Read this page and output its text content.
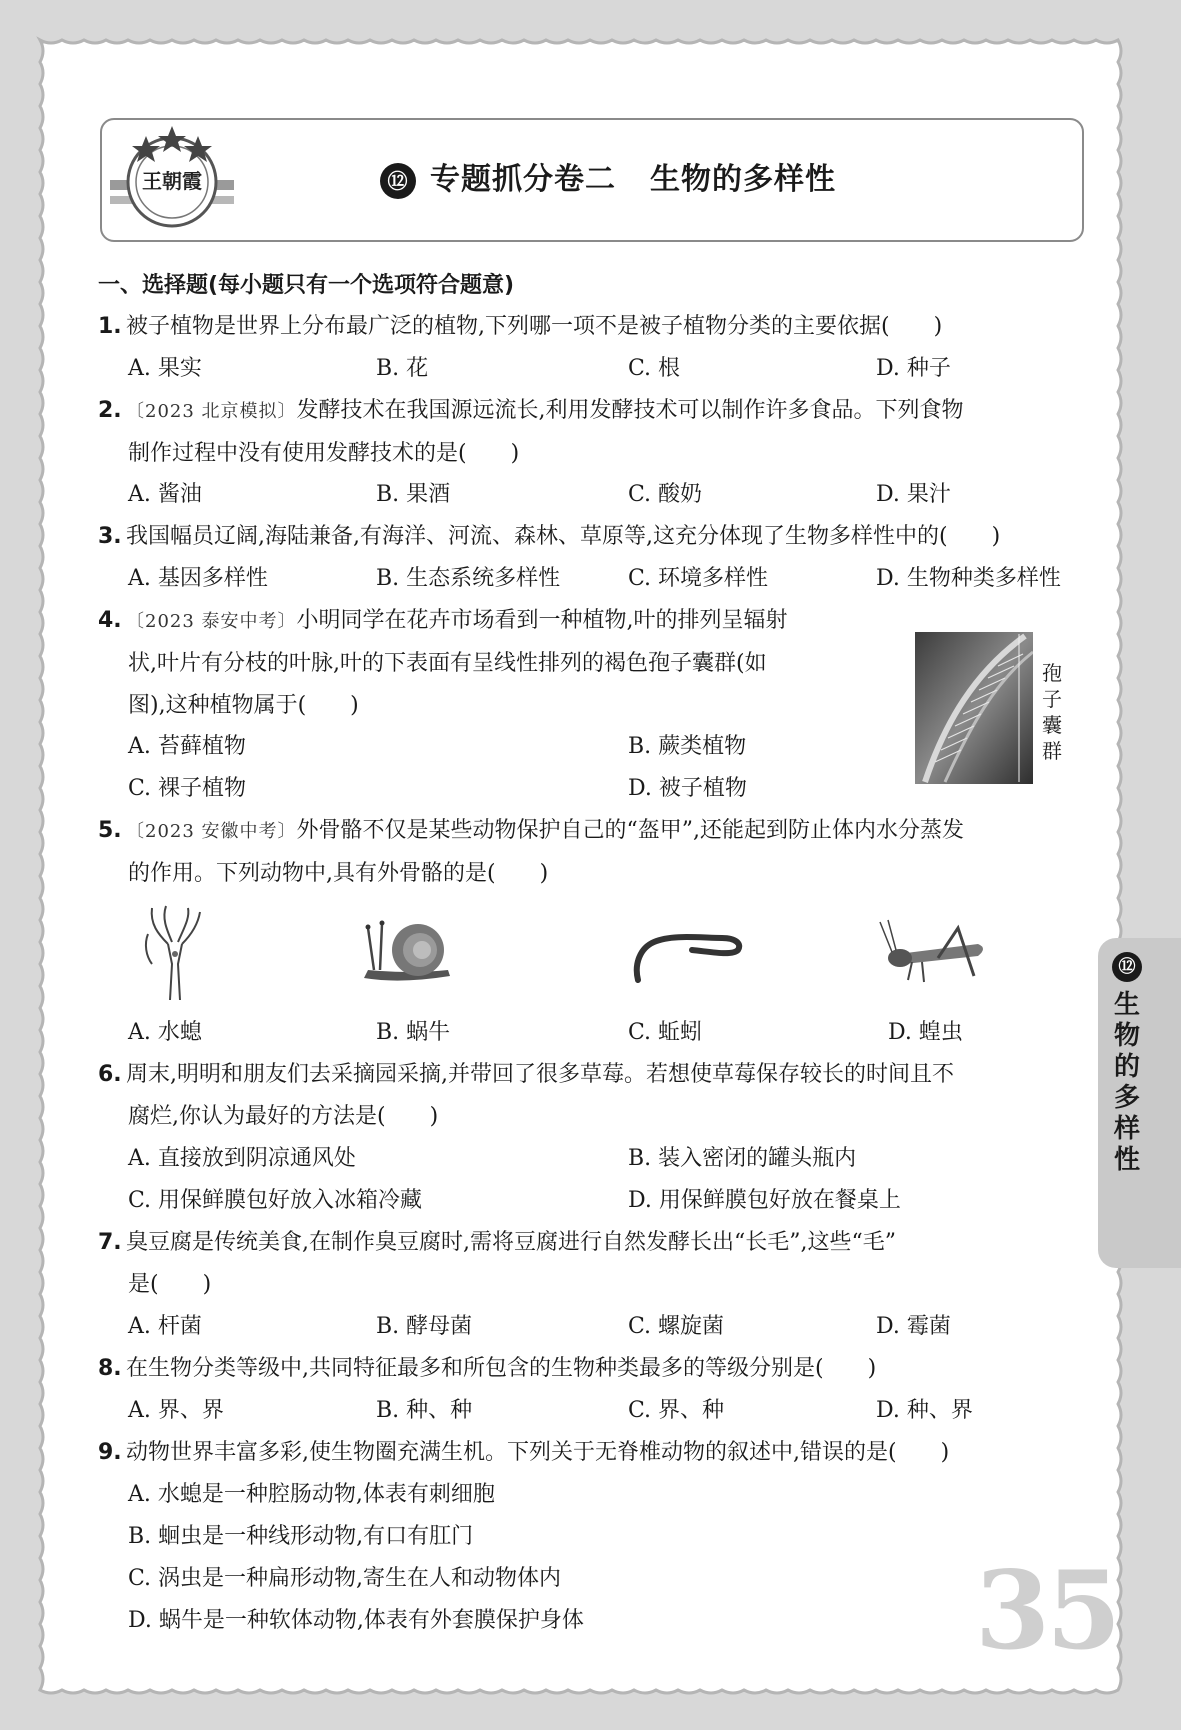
王朝霞	⑫ 专题抓分卷二 生物的多样性
一、选择题(每小题只有一个选项符合题意)
1. 被子植物是世界上分布最广泛的植物,下列哪一项不是被子植物分类的主要依据(　　)
A. 果实	B. 花	C. 根	D. 种子
2. 〔2023 北京模拟〕发酵技术在我国源远流长,利用发酵技术可以制作许多食品。下列食物
制作过程中没有使用发酵技术的是(　　)
A. 酱油	B. 果酒	C. 酸奶	D. 果汁
3. 我国幅员辽阔,海陆兼备,有海洋、河流、森林、草原等,这充分体现了生物多样性中的(　　)
A. 基因多样性	B. 生态系统多样性	C. 环境多样性	D. 生物种类多样性
4. 〔2023 泰安中考〕小明同学在花卉市场看到一种植物,叶的排列呈辐射
状,叶片有分枝的叶脉,叶的下表面有呈线性排列的褐色孢子囊群(如
图),这种植物属于(　　)
A. 苔藓植物	B. 蕨类植物
C. 裸子植物	D. 被子植物
孢
子
囊
群
5. 〔2023 安徽中考〕外骨骼不仅是某些动物保护自己的“盔甲”,还能起到防止体内水分蒸发
的作用。下列动物中,具有外骨骼的是(　　)
A. 水螅	B. 蜗牛	C. 蚯蚓	D. 蝗虫
6. 周末,明明和朋友们去采摘园采摘,并带回了很多草莓。若想使草莓保存较长的时间且不
腐烂,你认为最好的方法是(　　)
A. 直接放到阴凉通风处	B. 装入密闭的罐头瓶内
C. 用保鲜膜包好放入冰箱冷藏	D. 用保鲜膜包好放在餐桌上
7. 臭豆腐是传统美食,在制作臭豆腐时,需将豆腐进行自然发酵长出“长毛”,这些“毛”
是(　　)
A. 杆菌	B. 酵母菌	C. 螺旋菌	D. 霉菌
8. 在生物分类等级中,共同特征最多和所包含的生物种类最多的等级分别是(　　)
A. 界、界	B. 种、种	C. 界、种	D. 种、界
9. 动物世界丰富多彩,使生物圈充满生机。下列关于无脊椎动物的叙述中,错误的是(　　)
A. 水螅是一种腔肠动物,体表有刺细胞
B. 蛔虫是一种线形动物,有口有肛门
C. 涡虫是一种扁形动物,寄生在人和动物体内
D. 蜗牛是一种软体动物,体表有外套膜保护身体
⑫
生
物
的
多
样
性
35
